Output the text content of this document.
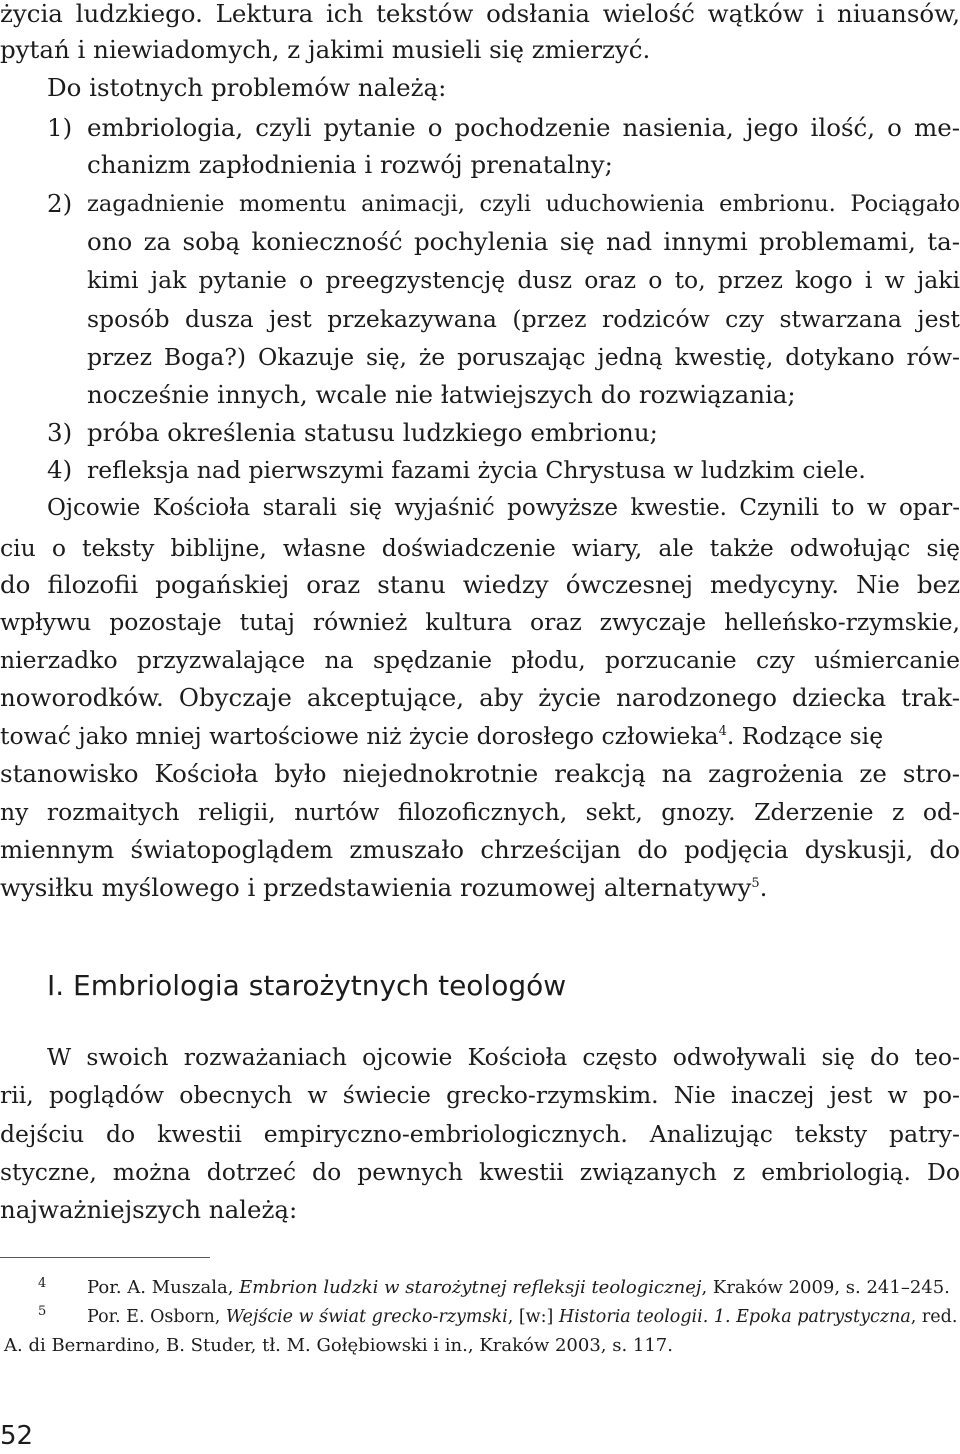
życia ludzkiego. Lektura ich tekstów odsłania wielość wątków i niuansów,
pytań i niewiadomych, z jakimi musieli się zmierzyć.
Do istotnych problemów należą:
1) embriologia, czyli pytanie o pochodzenie nasienia, jego ilość, o me-
chanizm zapłodnienia i rozwój prenatalny;
2) zagadnienie momentu animacji, czyli uduchowienia embrionu. Pociągało
ono za sobą konieczność pochylenia się nad innymi problemami, ta-
kimi jak pytanie o preegzystencję dusz oraz o to, przez kogo i w jaki
sposób dusza jest przekazywana (przez rodziców czy stwarzana jest
przez Boga?) Okazuje się, że poruszając jedną kwestię, dotykano rów-
nocześnie innych, wcale nie łatwiejszych do rozwiązania;
3) próba określenia statusu ludzkiego embrionu;
4) refleksja nad pierwszymi fazami życia Chrystusa w ludzkim ciele.
Ojcowie Kościoła starali się wyjaśnić powyższe kwestie. Czynili to w opar-
ciu o teksty biblijne, własne doświadczenie wiary, ale także odwołując się
do filozofii pogańskiej oraz stanu wiedzy ówczesnej medycyny. Nie bez
wpływu pozostaje tutaj również kultura oraz zwyczaje helleńsko-rzymskie,
nierzadko przyzwalające na spędzanie płodu, porzucanie czy uśmiercanie
noworodków. Obyczaje akceptujące, aby życie narodzonego dziecka trak-
tować jako mniej wartościowe niż życie dorosłego człowieka$^4$. Rodzące się
stanowisko Kościoła było niejednokrotnie reakcją na zagrożenia ze stro-
ny rozmaitych religii, nurtów filozoficznych, sekt, gnozy. Zderzenie z od-
miennym światopoglądem zmuszało chrześcijan do podjęcia dyskusji, do
wysiłku myślowego i przedstawienia rozumowej alternatywy$^5$.
I. Embriologia starożytnych teologów
W swoich rozważaniach ojcowie Kościoła często odwoływali się do teo-
rii, poglądów obecnych w świecie grecko-rzymskim. Nie inaczej jest w po-
dejściu do kwestii empiryczno-embriologicznych. Analizując teksty patry-
styczne, można dotrzeć do pewnych kwestii związanych z embriologią. Do
najważniejszych należą:
4 Por. A. Muszala, Embrion ludzki w starożytnej refleksji teologicznej, Kraków 2009, s. 241–245.
5 Por. E. Osborn, Wejście w świat grecko-rzymski, [w:] Historia teologii. 1. Epoka patrystyczna, red.
A. di Bernardino, B. Studer, tł. M. Gołębiowski i in., Kraków 2003, s. 117.
52
